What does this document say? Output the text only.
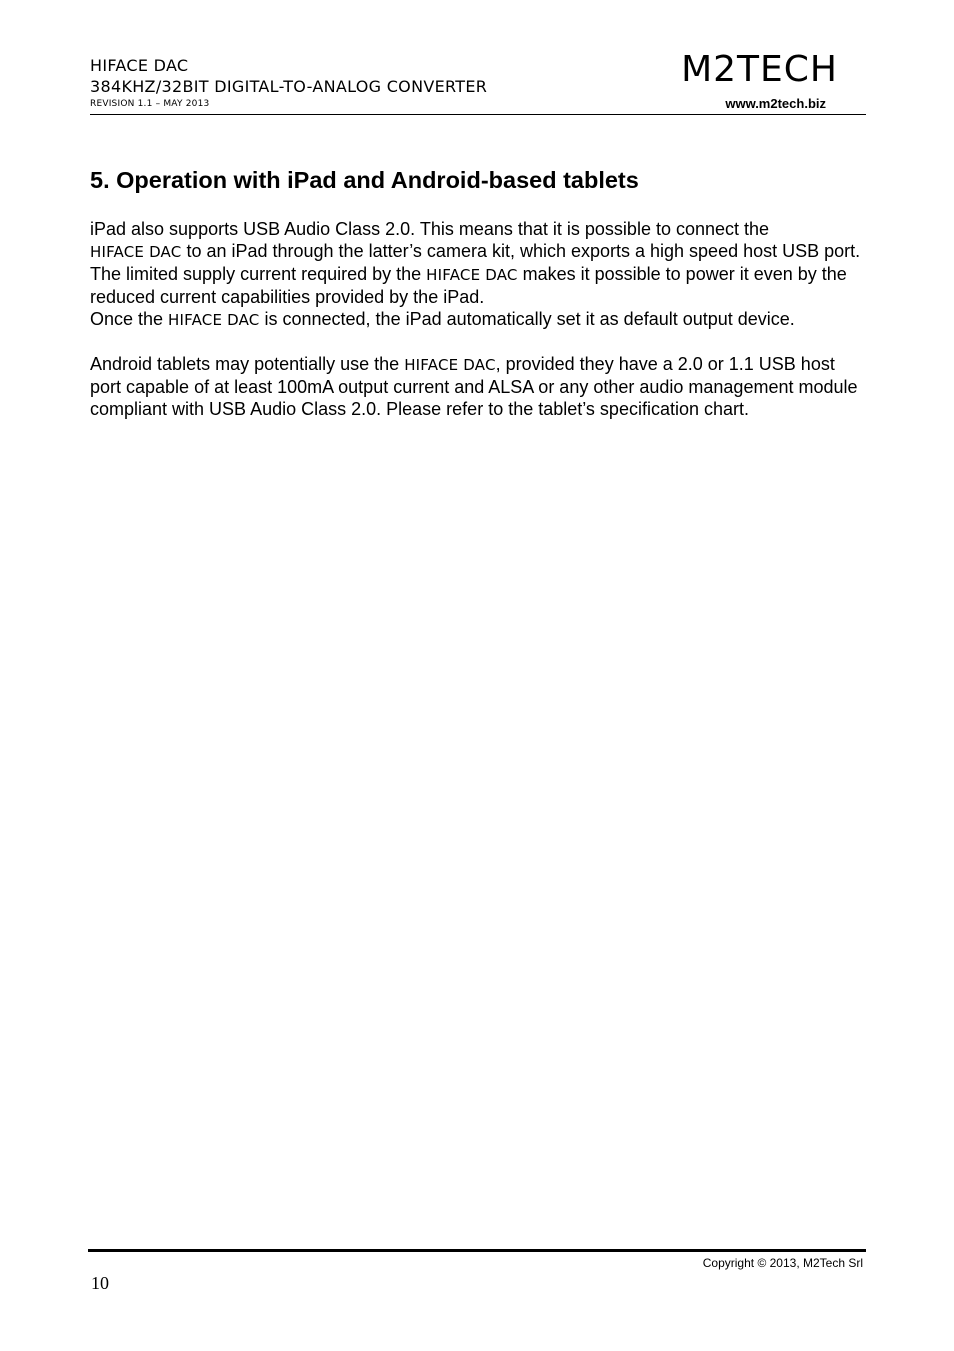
HIFACE DAC
384KHZ/32BIT DIGITAL-TO-ANALOG CONVERTER
REVISION 1.1 – MAY 2013
M2TECH
www.m2tech.biz
5. Operation with iPad and Android-based tablets

iPad also supports USB Audio Class 2.0. This means that it is possible to connect the
HIFACE DAC to an iPad through the latter’s camera kit, which exports a high speed host USB port. The limited supply current required by the HIFACE DAC makes it possible to power it even by the reduced current capabilities provided by the iPad.

Once the HIFACE DAC is connected, the iPad automatically set it as default output device.

Android tablets may potentially use the HIFACE DAC, provided they have a 2.0 or 1.1 USB host port capable of at least 100mA output current and ALSA or any other audio management module compliant with USB Audio Class 2.0. Please refer to the tablet’s specification chart.

Copyright © 2013, M2Tech Srl
10
